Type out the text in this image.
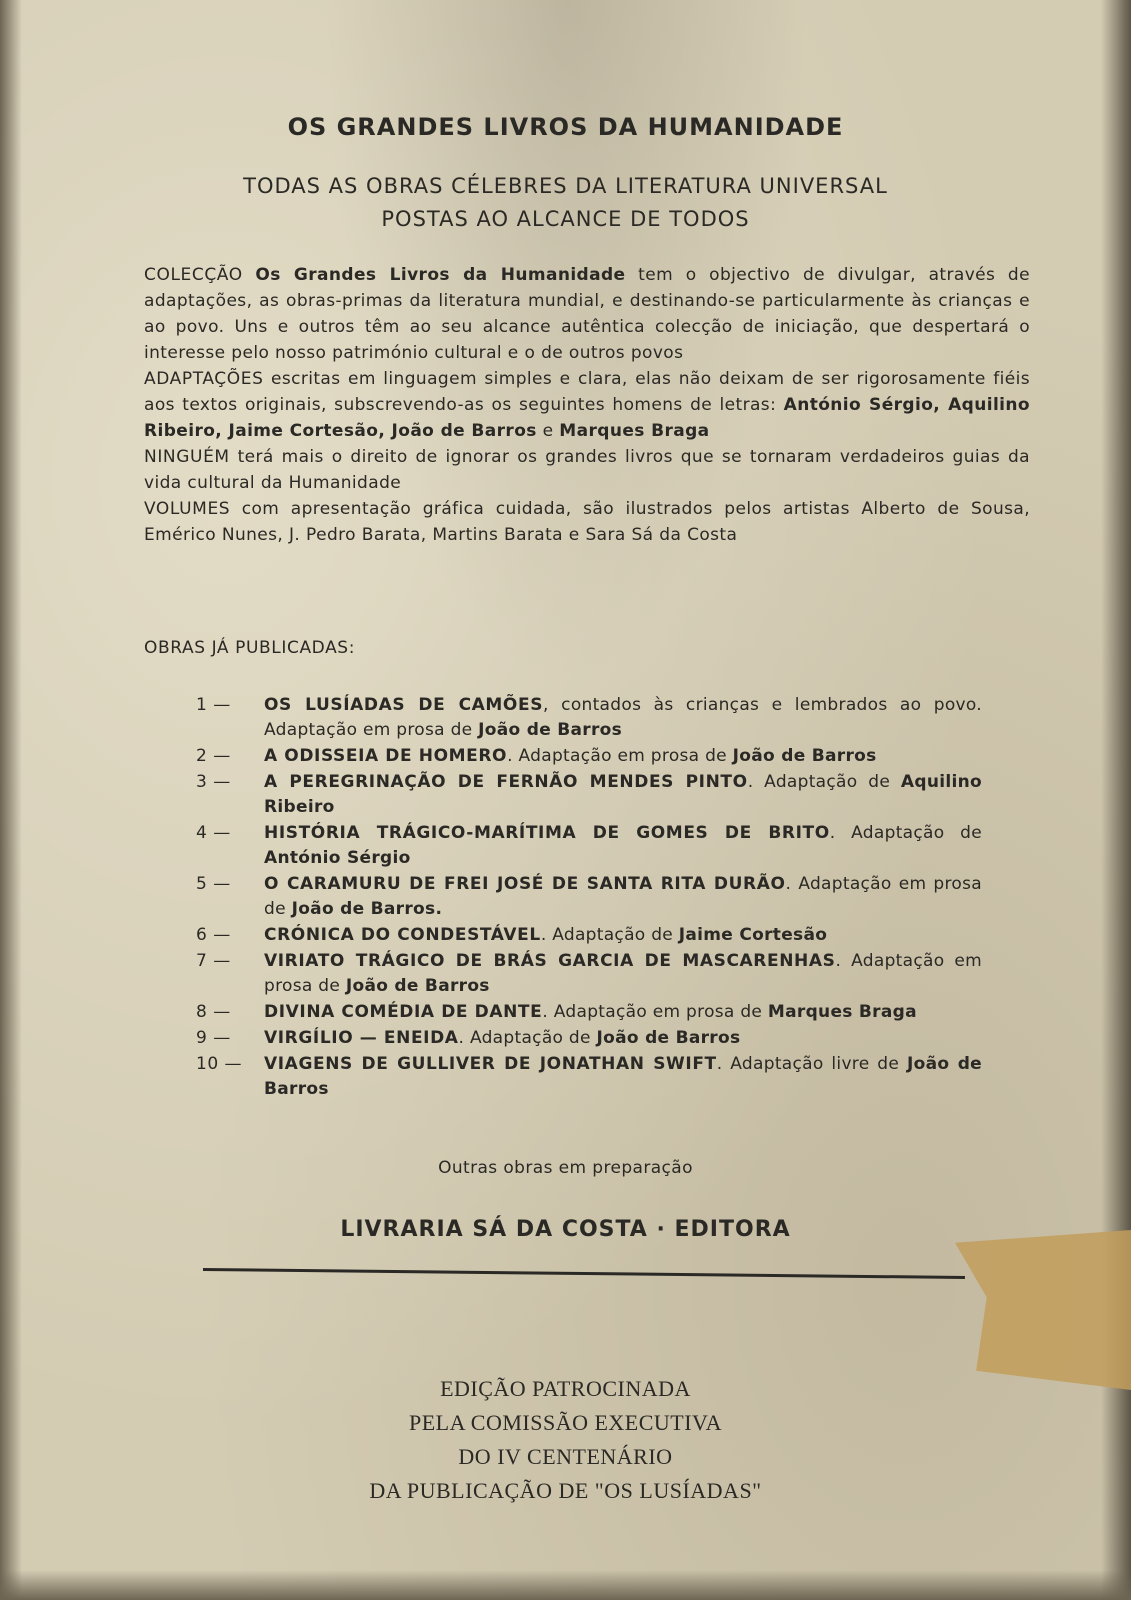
OS GRANDES LIVROS DA HUMANIDADE
TODAS AS OBRAS CÉLEBRES DA LITERATURA UNIVERSAL
POSTAS AO ALCANCE DE TODOS

COLECÇÃO Os Grandes Livros da Humanidade tem o objectivo de divulgar, através de adaptações, as obras-primas da literatura mundial, e destinando-se particularmente às crianças e ao povo. Uns e outros têm ao seu alcance autêntica colecção de iniciação, que despertará o interesse pelo nosso património cultural e o de outros povos

ADAPTAÇÕES escritas em linguagem simples e clara, elas não deixam de ser rigorosamente fiéis aos textos originais, subscrevendo-as os seguintes homens de letras: António Sérgio, Aquilino Ribeiro, Jaime Cortesão, João de Barros e Marques Braga

NINGUÉM terá mais o direito de ignorar os grandes livros que se tornaram verdadeiros guias da vida cultural da Humanidade

VOLUMES com apresentação gráfica cuidada, são ilustrados pelos artistas Alberto de Sousa, Emérico Nunes, J. Pedro Barata, Martins Barata e Sara Sá da Costa

OBRAS JÁ PUBLICADAS:
1 —	OS LUSÍADAS DE CAMÕES, contados às crianças e lembrados ao povo. Adaptação em prosa de João de Barros
2 —	A ODISSEIA DE HOMERO. Adaptação em prosa de João de Barros
3 —	A PEREGRINAÇÃO DE FERNÃO MENDES PINTO. Adaptação de Aquilino Ribeiro
4 —	HISTÓRIA TRÁGICO-MARÍTIMA DE GOMES DE BRITO. Adaptação de António Sérgio
5 —	O CARAMURU DE FREI JOSÉ DE SANTA RITA DURÃO. Adaptação em prosa de João de Barros.
6 —	CRÓNICA DO CONDESTÁVEL. Adaptação de Jaime Cortesão
7 —	VIRIATO TRÁGICO DE BRÁS GARCIA DE MASCARENHAS. Adaptação em prosa de João de Barros
8 —	DIVINA COMÉDIA DE DANTE. Adaptação em prosa de Marques Braga
9 —	VIRGÍLIO — ENEIDA. Adaptação de João de Barros
10 —	VIAGENS DE GULLIVER DE JONATHAN SWIFT. Adaptação livre de João de Barros
Outras obras em preparação
LIVRARIA SÁ DA COSTA · EDITORA
EDIÇÃO PATROCINADA
PELA COMISSÃO EXECUTIVA
DO IV CENTENÁRIO
DA PUBLICAÇÃO DE "OS LUSÍADAS"
